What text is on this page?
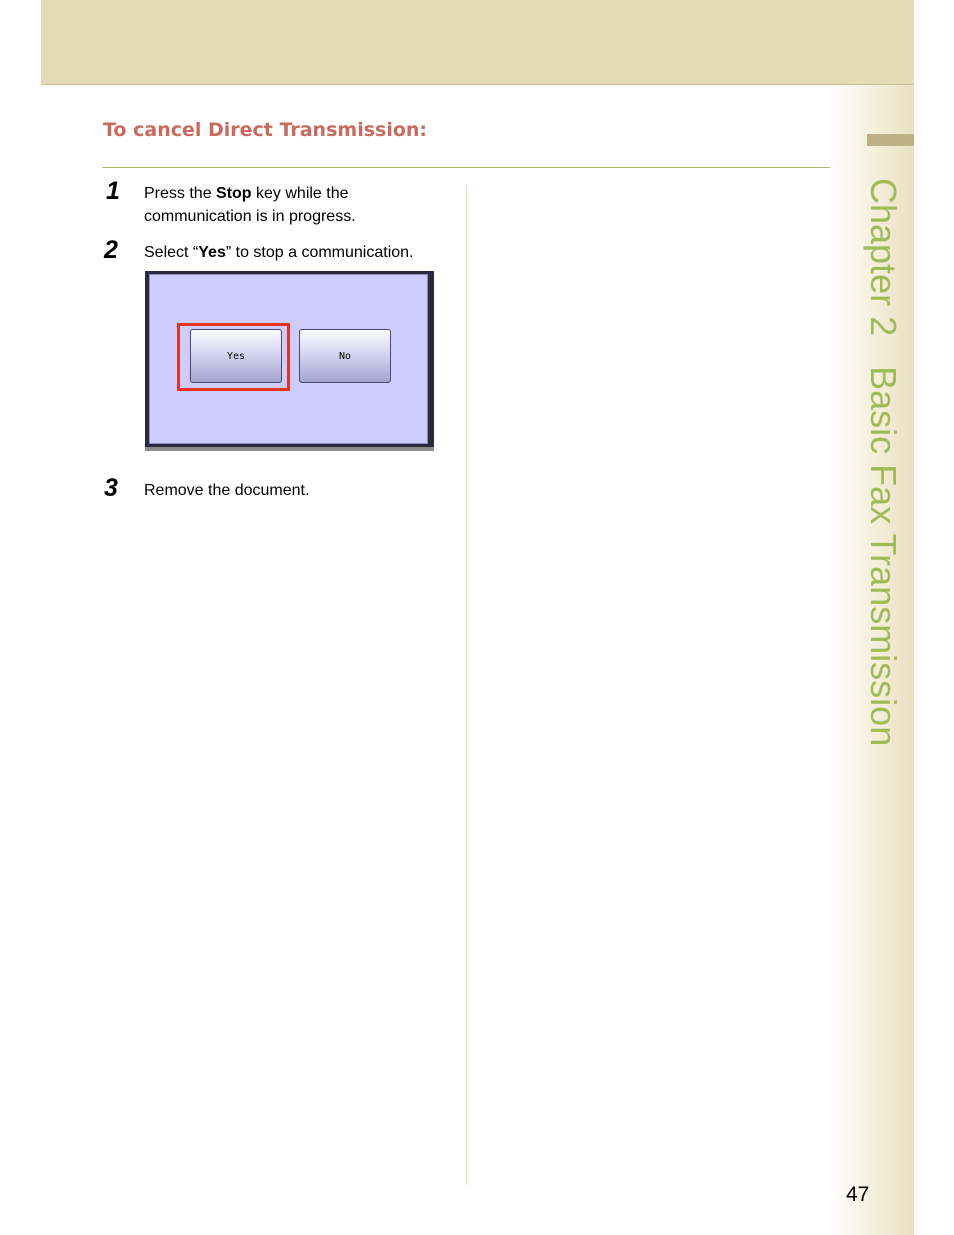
Chapter 2Basic Fax Transmission
To cancel Direct Transmission:
1 Press the Stop key while the communication is in progress.
2 Select “Yes” to stop a communication.
Yes	No
3 Remove the document.
47
